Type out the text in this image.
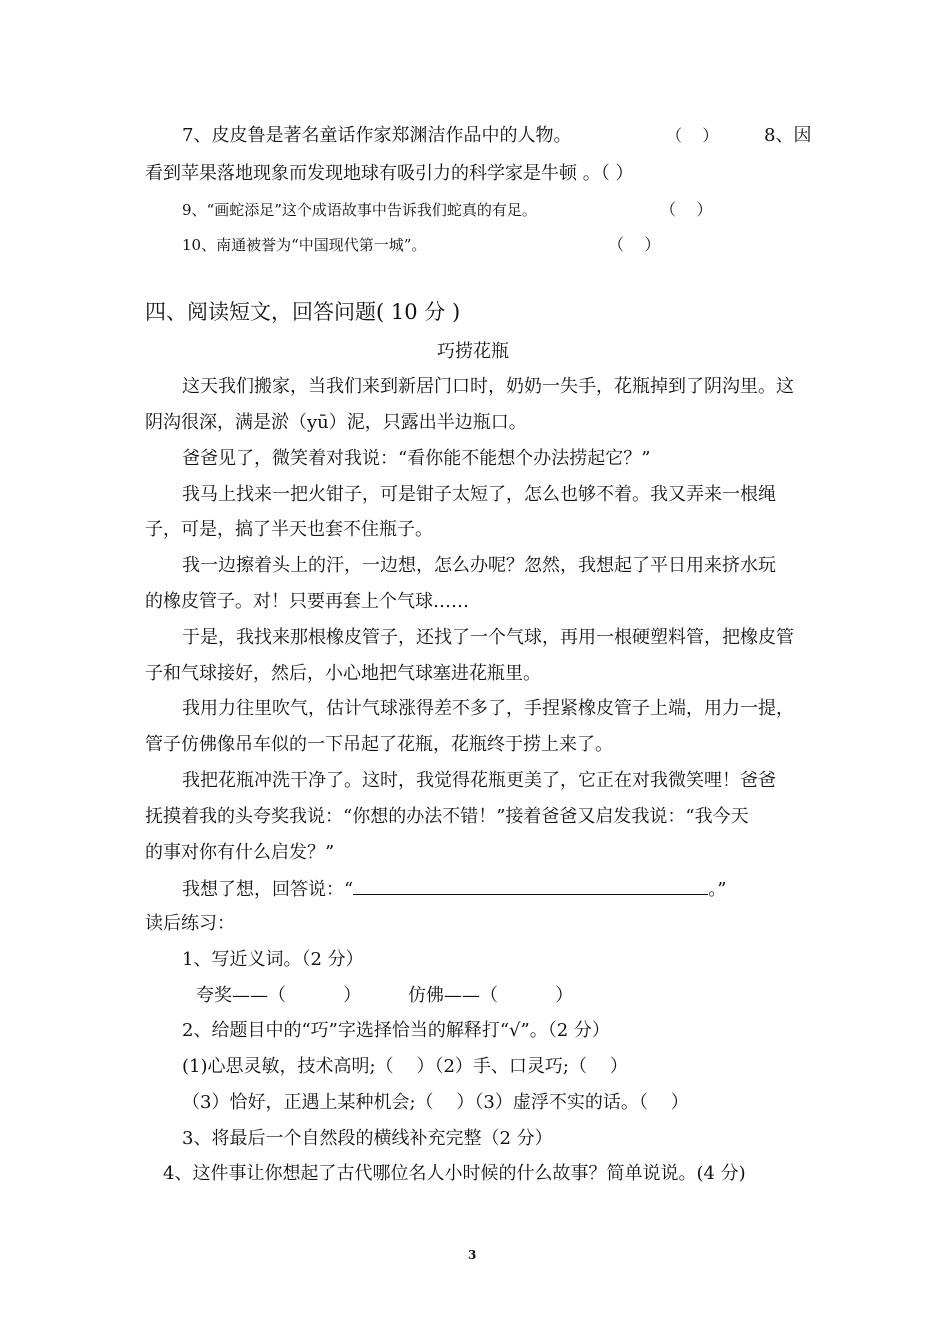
7、皮皮鲁是著名童话作家郑渊洁作品中的人物。	（    ）	8、因
看到苹果落地现象而发现地球有吸引力的科学家是牛顿 。（ ）
9、“画蛇添足”这个成语故事中告诉我们蛇真的有足。	（    ）
10、南通被誉为“中国现代第一城”。	（    ）
四、阅读短文，回答问题( 10 分 )
巧捞花瓶
这天我们搬家，当我们来到新居门口时，奶奶一失手，花瓶掉到了阴沟里。这
阴沟很深，满是淤（yū）泥，只露出半边瓶口。
爸爸见了，微笑着对我说：“看你能不能想个办法捞起它？”
我马上找来一把火钳子，可是钳子太短了，怎么也够不着。我又弄来一根绳
子，可是，搞了半天也套不住瓶子。
我一边擦着头上的汗，一边想，怎么办呢？忽然，我想起了平日用来挤水玩
的橡皮管子。对！只要再套上个气球……
于是，我找来那根橡皮管子，还找了一个气球，再用一根硬塑料管，把橡皮管
子和气球接好，然后，小心地把气球塞进花瓶里。
我用力往里吹气，估计气球涨得差不多了，手捏紧橡皮管子上端，用力一提，
管子仿佛像吊车似的一下吊起了花瓶，花瓶终于捞上来了。
我把花瓶冲洗干净了。这时，我觉得花瓶更美了，它正在对我微笑哩！爸爸
抚摸着我的头夸奖我说：“你想的办法不错！”接着爸爸又启发我说：“我今天
的事对你有什么启发？”
我想了想，回答说：“	。”
读后练习：
1、写近义词。（2 分）
夸奖——（          ）	仿佛——（          ）
2、给题目中的“巧”字选择恰当的解释打“√”。（2 分）
(1)心思灵敏，技术高明;（    ）（2）手、口灵巧;（    ）
（3）恰好，正遇上某种机会;（    ）（3）虚浮不实的话。（    ）
3、将最后一个自然段的横线补充完整（2 分）
4、这件事让你想起了古代哪位名人小时候的什么故事？简单说说。(4 分)
3
